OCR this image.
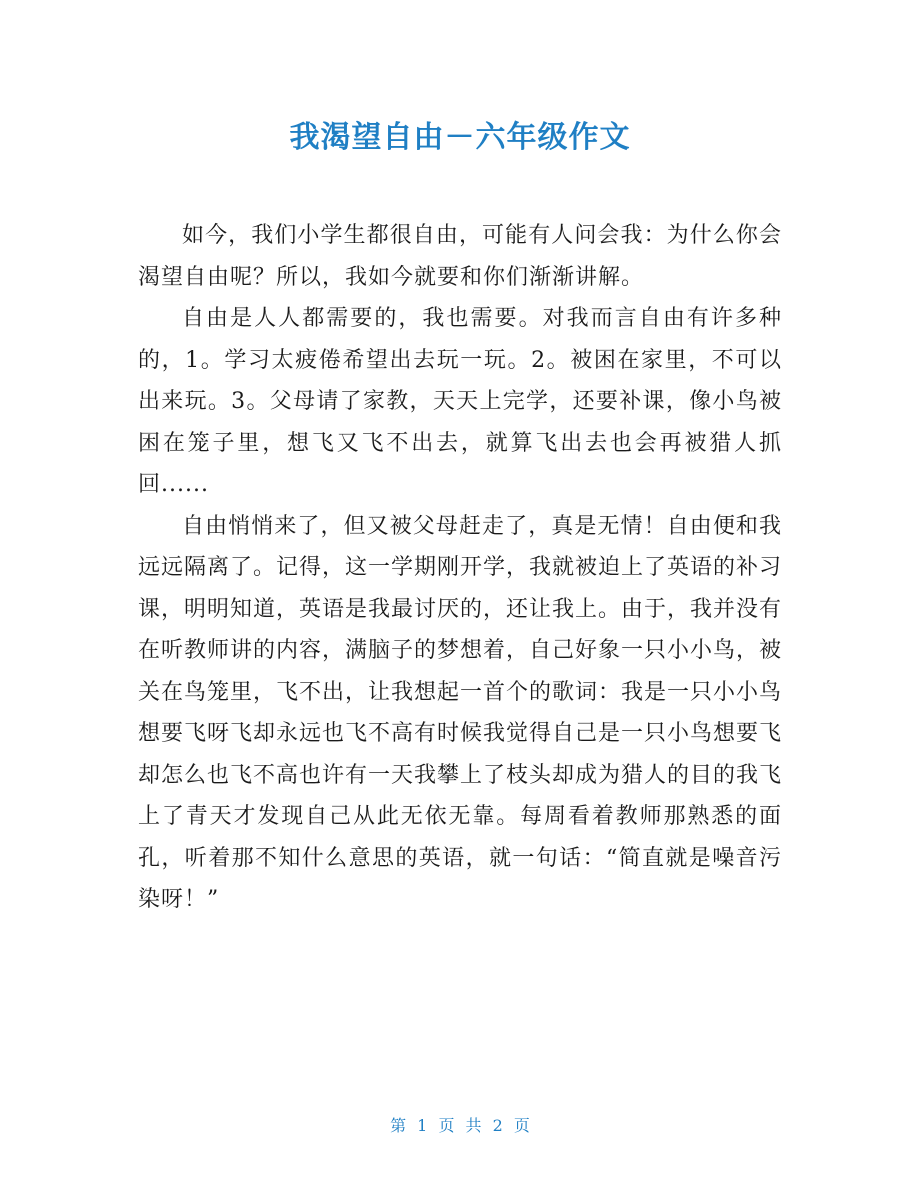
我渴望自由－六年级作文

如今，我们小学生都很自由，可能有人问会我：为什么你会渴望自由呢？所以，我如今就要和你们渐渐讲解。

自由是人人都需要的，我也需要。对我而言自由有许多种的，1。学习太疲倦希望出去玩一玩。2。被困在家里，不可以出来玩。3。父母请了家教，天天上完学，还要补课，像小鸟被困在笼子里，想飞又飞不出去，就算飞出去也会再被猎人抓回......

自由悄悄来了，但又被父母赶走了，真是无情！自由便和我远远隔离了。记得，这一学期刚开学，我就被迫上了英语的补习课，明明知道，英语是我最讨厌的，还让我上。由于，我并没有在听教师讲的内容，满脑子的梦想着，自己好象一只小小鸟，被关在鸟笼里，飞不出，让我想起一首个的歌词：我是一只小小鸟想要飞呀飞却永远也飞不高有时候我觉得自己是一只小鸟想要飞却怎么也飞不高也许有一天我攀上了枝头却成为猎人的目的我飞上了青天才发现自己从此无依无靠。每周看着教师那熟悉的面孔，听着那不知什么意思的英语，就一句话：“简直就是噪音污染呀！”

第 1 页 共 2 页
